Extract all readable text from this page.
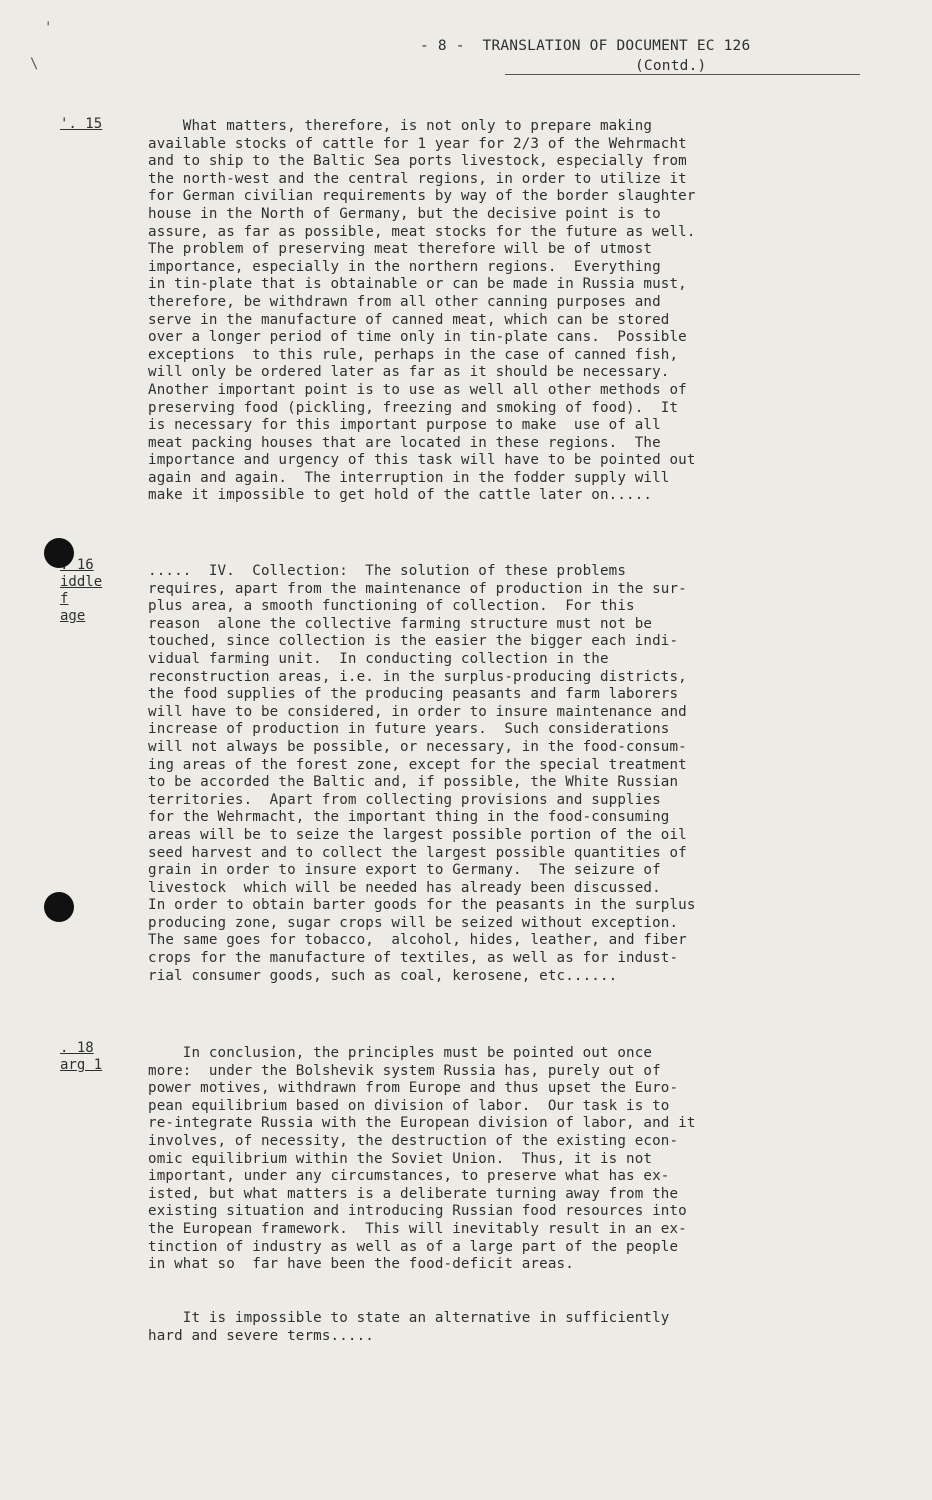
'
\
- 8 -  TRANSLATION OF DOCUMENT EC 126
(Contd.)
'. 15	What matters, therefore, is not only to prepare making
available stocks of cattle for 1 year for 2/3 of the Wehrmacht
and to ship to the Baltic Sea ports livestock, especially from
the north-west and the central regions, in order to utilize it
for German civilian requirements by way of the border slaughter
house in the North of Germany, but the decisive point is to
assure, as far as possible, meat stocks for the future as well.
The problem of preserving meat therefore will be of utmost
importance, especially in the northern regions.  Everything
in tin-plate that is obtainable or can be made in Russia must,
therefore, be withdrawn from all other canning purposes and
serve in the manufacture of canned meat, which can be stored
over a longer period of time only in tin-plate cans.  Possible
exceptions  to this rule, perhaps in the case of canned fish,
will only be ordered later as far as it should be necessary.
Another important point is to use as well all other methods of
preserving food (pickling, freezing and smoking of food).  It
is necessary for this important purpose to make  use of all
meat packing houses that are located in these regions.  The
importance and urgency of this task will have to be pointed out
again and again.  The interruption in the fodder supply will
make it impossible to get hold of the cattle later on.....
. 16
iddle
f
age
.....  IV.  Collection:  The solution of these problems
requires, apart from the maintenance of production in the sur-
plus area, a smooth functioning of collection.  For this
reason  alone the collective farming structure must not be
touched, since collection is the easier the bigger each indi-
vidual farming unit.  In conducting collection in the
reconstruction areas, i.e. in the surplus-producing districts,
the food supplies of the producing peasants and farm laborers
will have to be considered, in order to insure maintenance and
increase of production in future years.  Such considerations
will not always be possible, or necessary, in the food-consum-
ing areas of the forest zone, except for the special treatment
to be accorded the Baltic and, if possible, the White Russian
territories.  Apart from collecting provisions and supplies
for the Wehrmacht, the important thing in the food-consuming
areas will be to seize the largest possible portion of the oil
seed harvest and to collect the largest possible quantities of
grain in order to insure export to Germany.  The seizure of
livestock  which will be needed has already been discussed.
In order to obtain barter goods for the peasants in the surplus
producing zone, sugar crops will be seized without exception.
The same goes for tobacco,  alcohol, hides, leather, and fiber
crops for the manufacture of textiles, as well as for indust-
rial consumer goods, such as coal, kerosene, etc......
. 18
arg 1
In conclusion, the principles must be pointed out once
more:  under the Bolshevik system Russia has, purely out of
power motives, withdrawn from Europe and thus upset the Euro-
pean equilibrium based on division of labor.  Our task is to
re-integrate Russia with the European division of labor, and it
involves, of necessity, the destruction of the existing econ-
omic equilibrium within the Soviet Union.  Thus, it is not
important, under any circumstances, to preserve what has ex-
isted, but what matters is a deliberate turning away from the
existing situation and introducing Russian food resources into
the European framework.  This will inevitably result in an ex-
tinction of industry as well as of a large part of the people
in what so  far have been the food-deficit areas.
It is impossible to state an alternative in sufficiently
hard and severe terms.....
